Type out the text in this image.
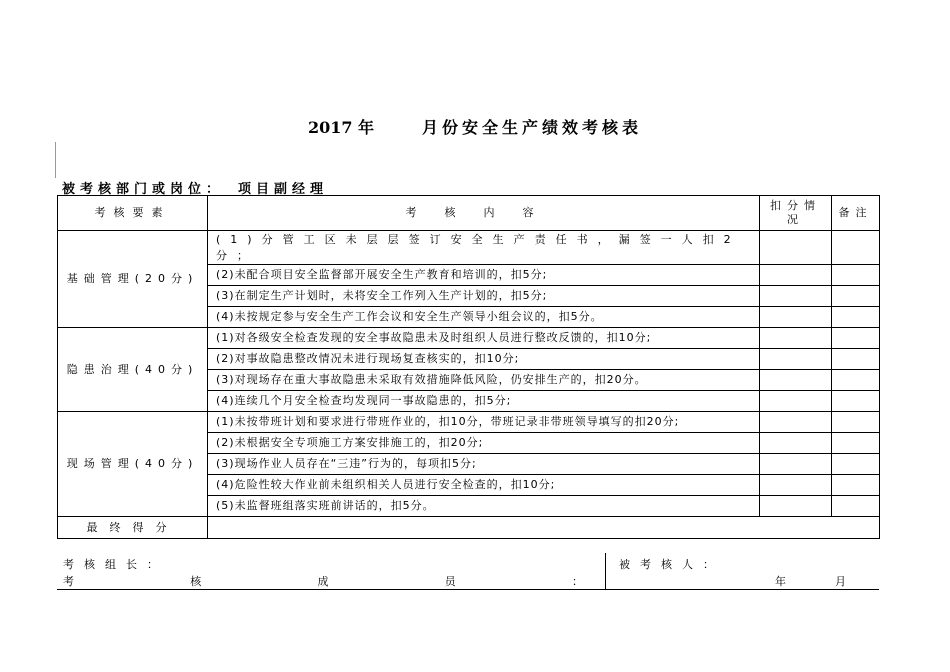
2017 年	月份安全生产绩效考核表
被考核部门或岗位： 项目副经理
考核要素	考核内容	扣分情况	备注
基础管理(20分)	(1)分管工区未层层签订安全生产责任书，漏签一人扣2分；		
	(2)未配合项目安全监督部开展安全生产教育和培训的，扣5分;		
	(3)在制定生产计划时，未将安全工作列入生产计划的，扣5分;		
	(4)未按规定参与安全生产工作会议和安全生产领导小组会议的，扣5分。		
隐患治理(40分)	(1)对各级安全检查发现的安全事故隐患未及时组织人员进行整改反馈的，扣10分;		
	(2)对事故隐患整改情况未进行现场复查核实的，扣10分;		
	(3)对现场存在重大事故隐患未采取有效措施降低风险，仍安排生产的，扣20分。		
	(4)连续几个月安全检查均发现同一事故隐患的，扣5分;		
现场管理(40分)	(1)未按带班计划和要求进行带班作业的，扣10分，带班记录非带班领导填写的扣20分;		
	(2)未根据安全专项施工方案安排施工的，扣20分;		
	(3)现场作业人员存在“三违”行为的，每项扣5分;		
	(4)危险性较大作业前未组织相关人员进行安全检查的，扣10分;		
	(5)未监督班组落实班前讲话的，扣5分。		
最终得分			
考核组长：	被考核人：
考	核	成	员	：	年	月
